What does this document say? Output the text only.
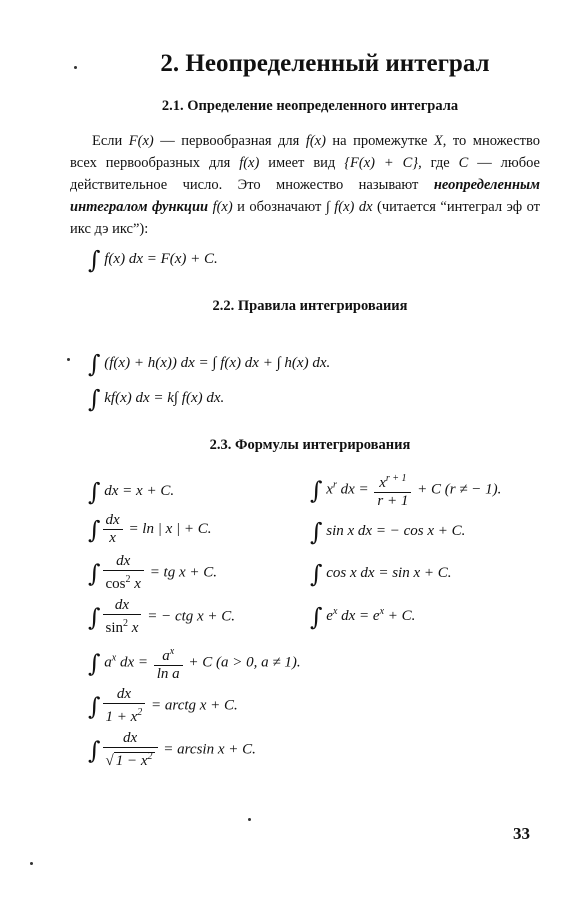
2. Неопределенный интеграл
2.1. Определение неопределенного интеграла

Если F(x) — первообразная для f(x) на промежутке X, то множество всех первообразных для f(x) имеет вид {F(x) + C}, где C — любое действительное число. Это множество называют неопределенным интегралом функции f(x) и обозначают ∫ f(x) dx (читается “интеграл эф от икс дэ икс”):

∫ f(x) dx = F(x) + C.
2.2. Правила интегрироваиия
∫ (f(x) + h(x)) dx = ∫ f(x) dx + ∫ h(x) dx.
∫ kf(x) dx = k∫ f(x) dx.
2.3. Формулы интегрирования
∫ dx = x + C.
∫ $\frac{dx}{x} = \ln$ | x | + C.
∫ $\frac{dx}{\cos^2 x}$ = tg x + C.
∫ $\frac{dx}{\sin^2 x}$ = − ctg x + C.
∫ $a^x$ dx = $\frac{a^x}{\text{ln a}} + C$ (a > 0, a ≠ 1).
∫ $\frac{dx}{1 + x^2}$ = arctg x + C.
∫ $\frac{dx}{√ 1 - x^2} = \arcsin x + C$.
∫ $x^r$ dx = $\frac{x^{r + 1}}{r + 1} + C$ (r ≠ − 1).
∫ sin x dx = − cos x + C.
∫ cos x dx = sin x + C.
∫ $e^x$ dx = $e^x + C$.
33
